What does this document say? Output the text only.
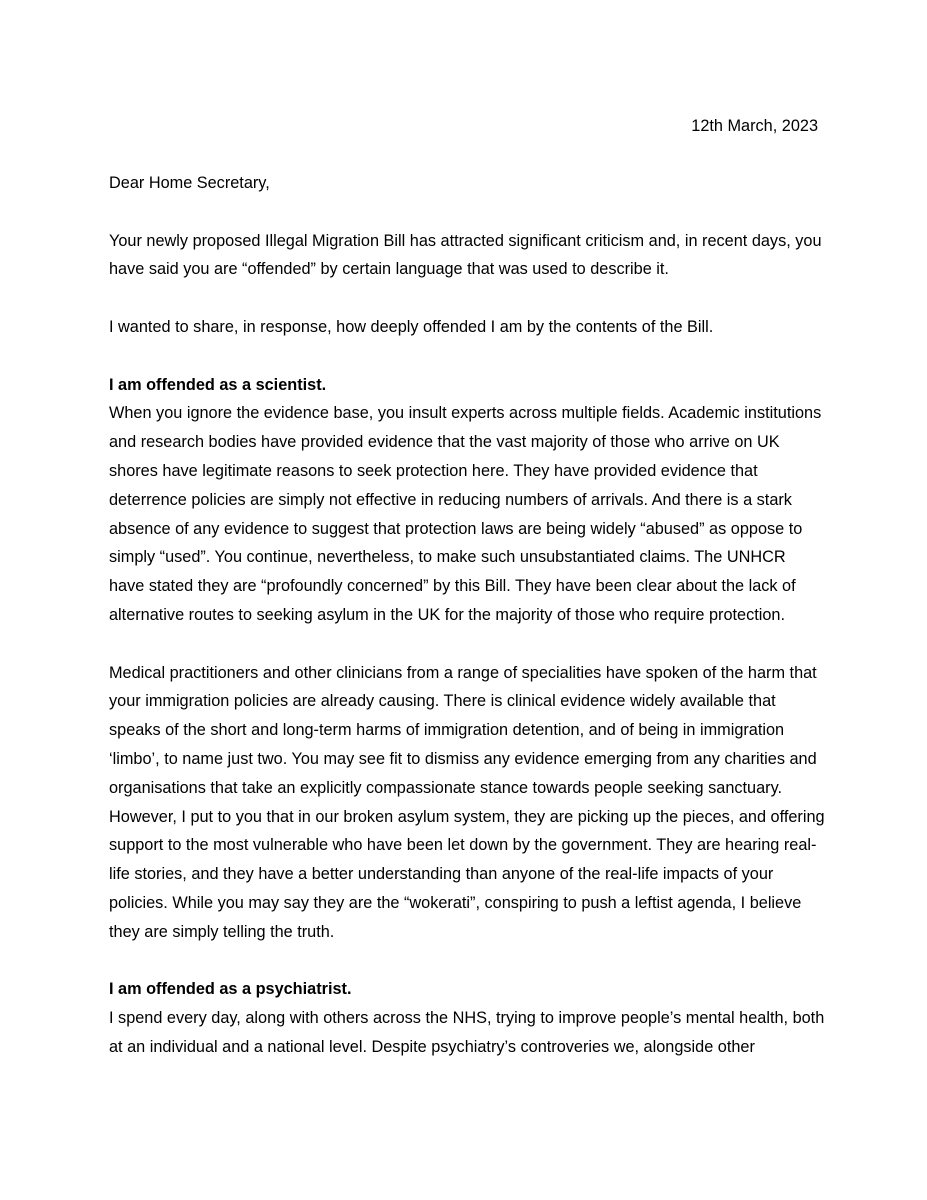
12th March, 2023

Dear Home Secretary,

Your newly proposed Illegal Migration Bill has attracted significant criticism and, in recent days, you have said you are “offended” by certain language that was used to describe it.

I wanted to share, in response, how deeply offended I am by the contents of the Bill.

I am offended as a scientist.

When you ignore the evidence base, you insult experts across multiple fields. Academic institutions and research bodies have provided evidence that the vast majority of those who arrive on UK shores have legitimate reasons to seek protection here. They have provided evidence that deterrence policies are simply not effective in reducing numbers of arrivals. And there is a stark absence of any evidence to suggest that protection laws are being widely “abused” as oppose to simply “used”. You continue, nevertheless, to make such unsubstantiated claims. The UNHCR have stated they are “profoundly concerned” by this Bill. They have been clear about the lack of alternative routes to seeking asylum in the UK for the majority of those who require protection.

Medical practitioners and other clinicians from a range of specialities have spoken of the harm that your immigration policies are already causing. There is clinical evidence widely available that speaks of the short and long-term harms of immigration detention, and of being in immigration ‘limbo’, to name just two. You may see fit to dismiss any evidence emerging from any charities and organisations that take an explicitly compassionate stance towards people seeking sanctuary. However, I put to you that in our broken asylum system, they are picking up the pieces, and offering support to the most vulnerable who have been let down by the government. They are hearing real-life stories, and they have a better understanding than anyone of the real-life impacts of your policies. While you may say they are the “wokerati”, conspiring to push a leftist agenda, I believe they are simply telling the truth.

I am offended as a psychiatrist.

I spend every day, along with others across the NHS, trying to improve people’s mental health, both at an individual and a national level. Despite psychiatry’s controveries we, alongside other
